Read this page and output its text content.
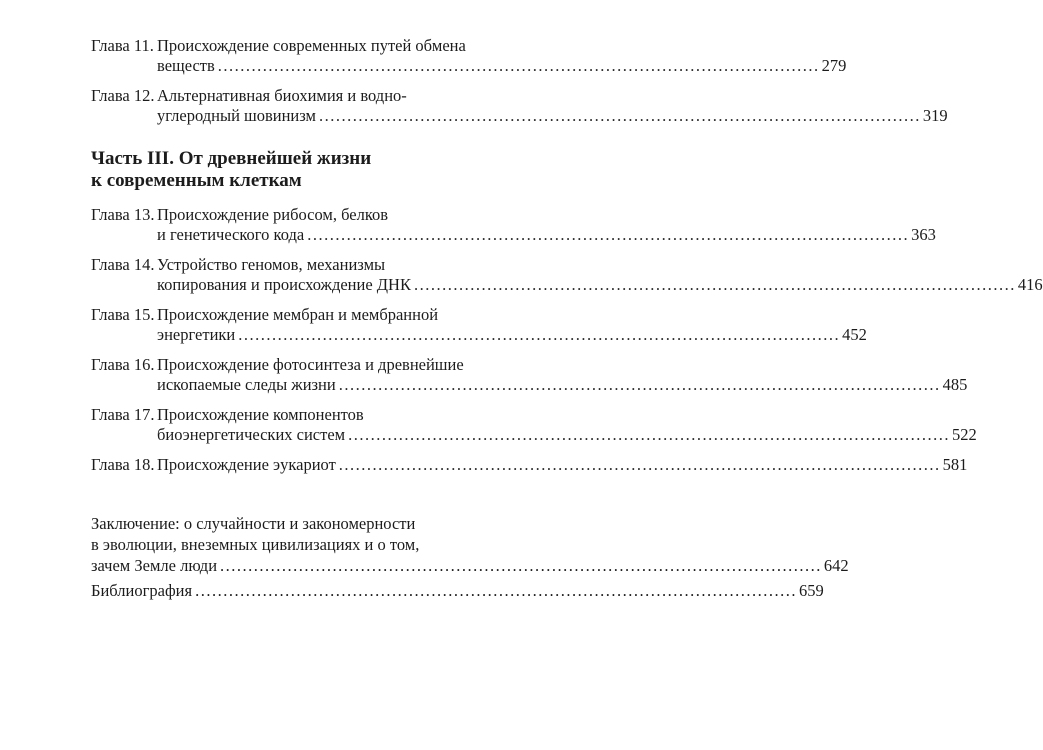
Глава 11. Происхождение современных путей обмена
веществ ........................................................................................................... 279
Глава 12. Альтернативная биохимия и водно-
углеродный шовинизм ........................................................................................................... 319
Часть III. От древнейшей жизни
к современным клеткам
Глава 13. Происхождение рибосом, белков
и генетического кода ........................................................................................................... 363
Глава 14. Устройство геномов, механизмы
копирования и происхождение ДНК ........................................................................................................... 416
Глава 15. Происхождение мембран и мембранной
энергетики ........................................................................................................... 452
Глава 16. Происхождение фотосинтеза и древнейшие
ископаемые следы жизни ........................................................................................................... 485
Глава 17. Происхождение компонентов
биоэнергетических систем ........................................................................................................... 522
Глава 18. Происхождение эукариот ........................................................................................................... 581
Заключение: о случайности и закономерности
в эволюции, внеземных цивилизациях и о том,
зачем Земле люди ........................................................................................................... 642
Библиография ........................................................................................................... 659
